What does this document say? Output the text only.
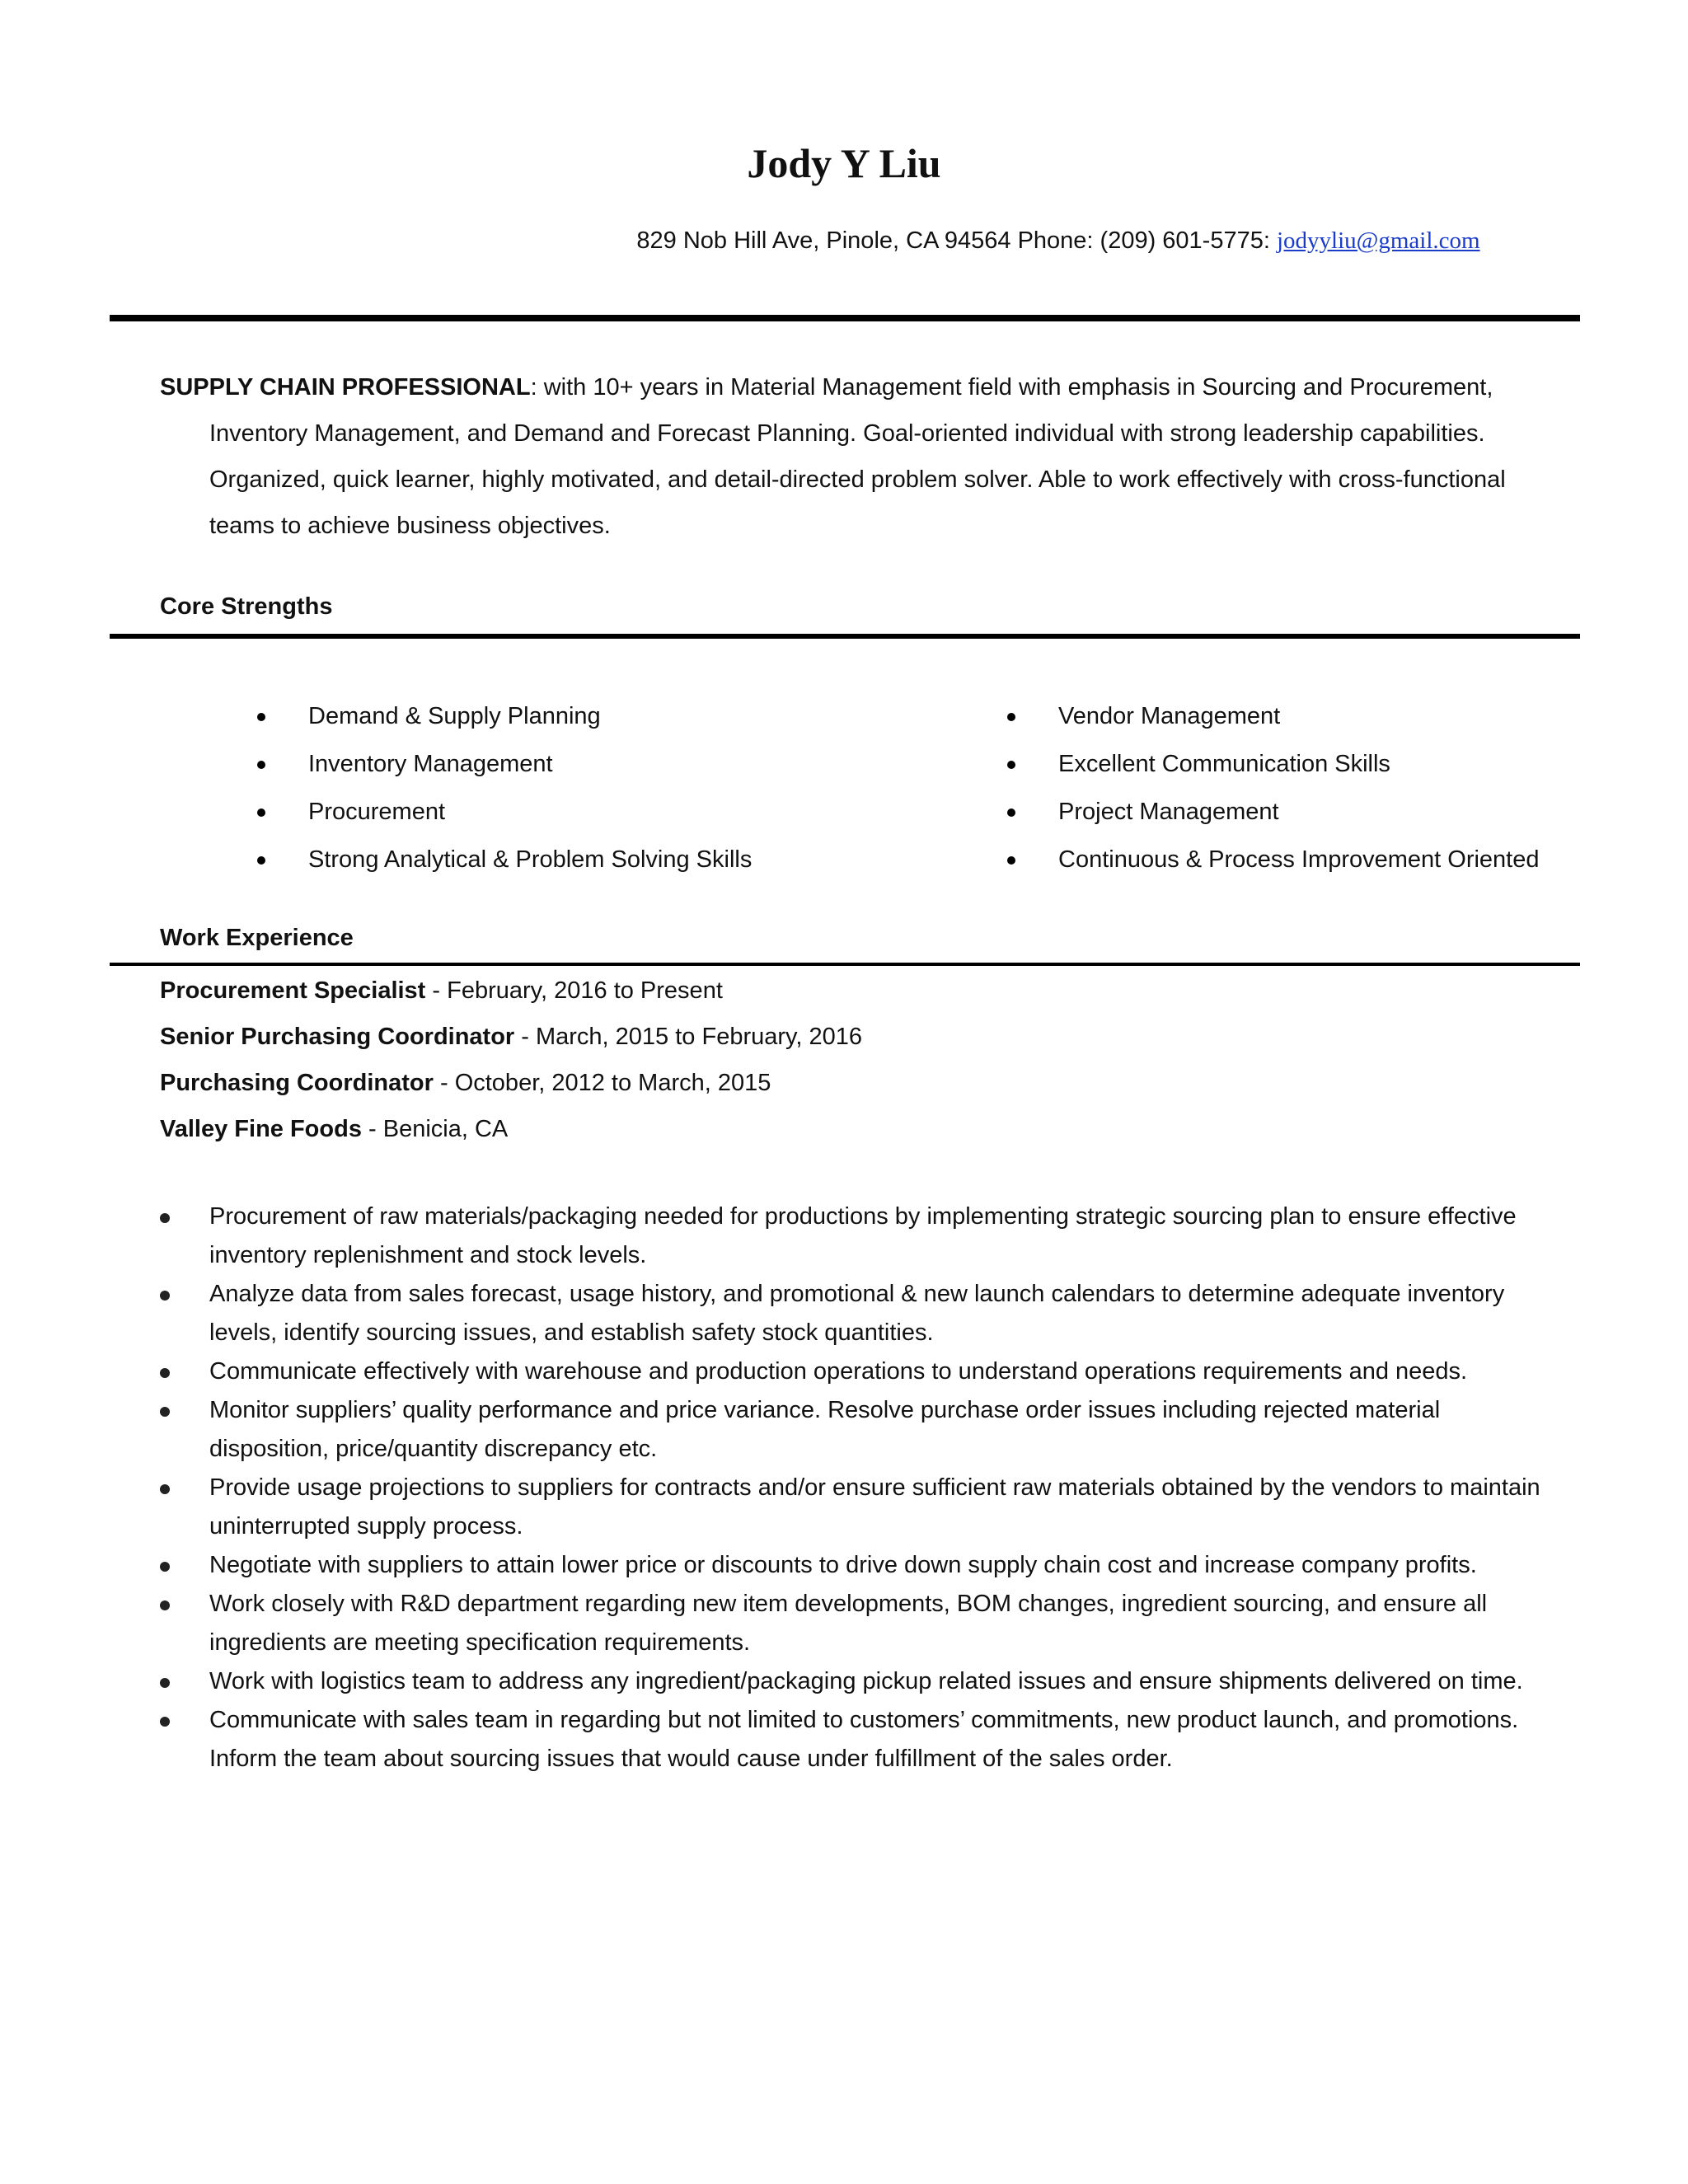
Jody Y Liu
829 Nob Hill Ave, Pinole, CA 94564 Phone: (209) 601-5775: jodyyliu@gmail.com
SUPPLY CHAIN PROFESSIONAL: with 10+ years in Material Management field with emphasis in Sourcing and Procurement,
Inventory Management, and Demand and Forecast Planning. Goal-oriented individual with strong leadership capabilities. Organized, quick learner, highly motivated, and detail-directed problem solver. Able to work effectively with cross-functional teams to achieve business objectives.
Core Strengths
Demand & Supply Planning
Inventory Management
Procurement
Strong Analytical & Problem Solving Skills
Vendor Management
Excellent Communication Skills
Project Management
Continuous & Process Improvement Oriented
Work Experience
Procurement Specialist - February, 2016 to Present
Senior Purchasing Coordinator - March, 2015 to February, 2016
Purchasing Coordinator - October, 2012 to March, 2015
Valley Fine Foods - Benicia, CA
Procurement of raw materials/packaging needed for productions by implementing strategic sourcing plan to ensure effective inventory replenishment and stock levels.
Analyze data from sales forecast, usage history, and promotional & new launch calendars to determine adequate inventory levels, identify sourcing issues, and establish safety stock quantities.
Communicate effectively with warehouse and production operations to understand operations requirements and needs.
Monitor suppliers’ quality performance and price variance. Resolve purchase order issues including rejected material disposition, price/quantity discrepancy etc.
Provide usage projections to suppliers for contracts and/or ensure sufficient raw materials obtained by the vendors to maintain uninterrupted supply process.
Negotiate with suppliers to attain lower price or discounts to drive down supply chain cost and increase company profits.
Work closely with R&D department regarding new item developments, BOM changes, ingredient sourcing, and ensure all ingredients are meeting specification requirements.
Work with logistics team to address any ingredient/packaging pickup related issues and ensure shipments delivered on time.
Communicate with sales team in regarding but not limited to customers’ commitments, new product launch, and promotions. Inform the team about sourcing issues that would cause under fulfillment of the sales order.
